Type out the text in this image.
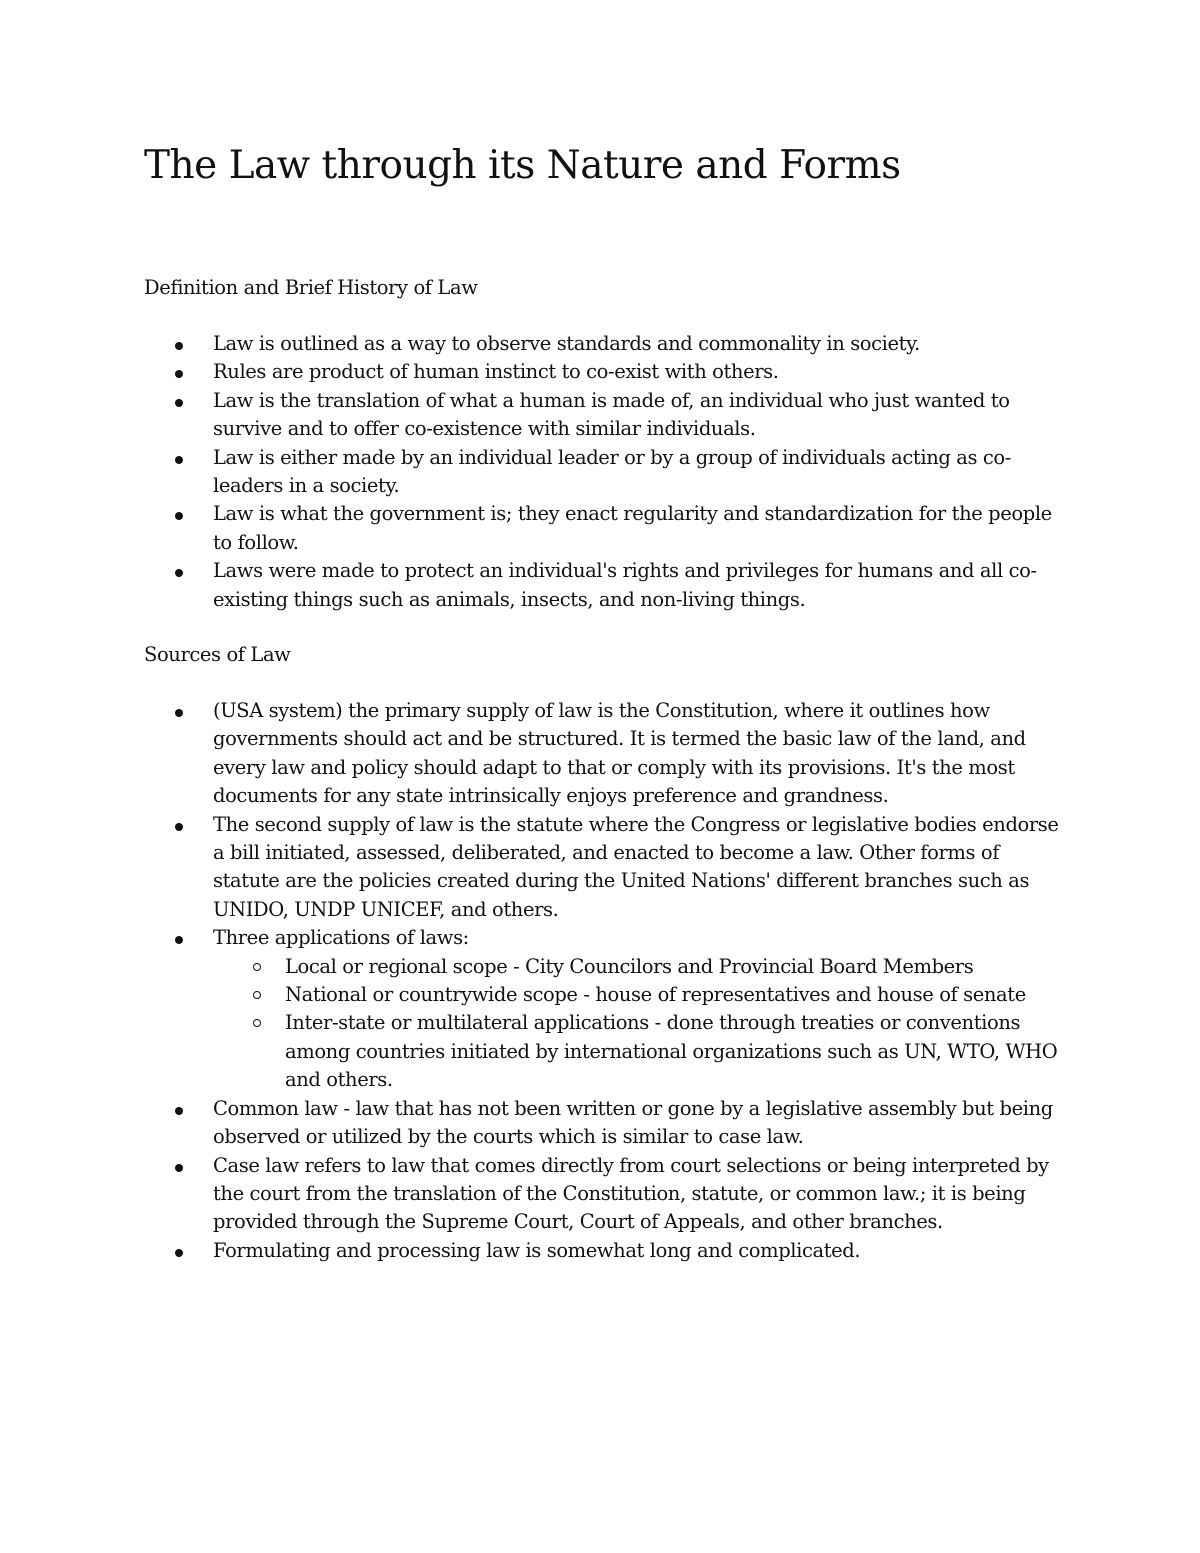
The Law through its Nature and Forms
Definition and Brief History of Law
Law is outlined as a way to observe standards and commonality in society.
Rules are product of human instinct to co-exist with others.
Law is the translation of what a human is made of, an individual who just wanted to survive and to offer co-existence with similar individuals.
Law is either made by an individual leader or by a group of individuals acting as co-leaders in a society.
Law is what the government is; they enact regularity and standardization for the people to follow.
Laws were made to protect an individual's rights and privileges for humans and all co-existing things such as animals, insects, and non-living things.
Sources of Law
(USA system) the primary supply of law is the Constitution, where it outlines how governments should act and be structured. It is termed the basic law of the land, and every law and policy should adapt to that or comply with its provisions. It's the most documents for any state intrinsically enjoys preference and grandness.
The second supply of law is the statute where the Congress or legislative bodies endorse a bill initiated, assessed, deliberated, and enacted to become a law. Other forms of statute are the policies created during the United Nations' different branches such as UNIDO, UNDP UNICEF, and others.
Three applications of laws:
Local or regional scope - City Councilors and Provincial Board Members
National or countrywide scope - house of representatives and house of senate
Inter-state or multilateral applications - done through treaties or conventions among countries initiated by international organizations such as UN, WTO, WHO and others.
Common law - law that has not been written or gone by a legislative assembly but being observed or utilized by the courts which is similar to case law.
Case law refers to law that comes directly from court selections or being interpreted by the court from the translation of the Constitution, statute, or common law.; it is being provided through the Supreme Court, Court of Appeals, and other branches.
Formulating and processing law is somewhat long and complicated.
